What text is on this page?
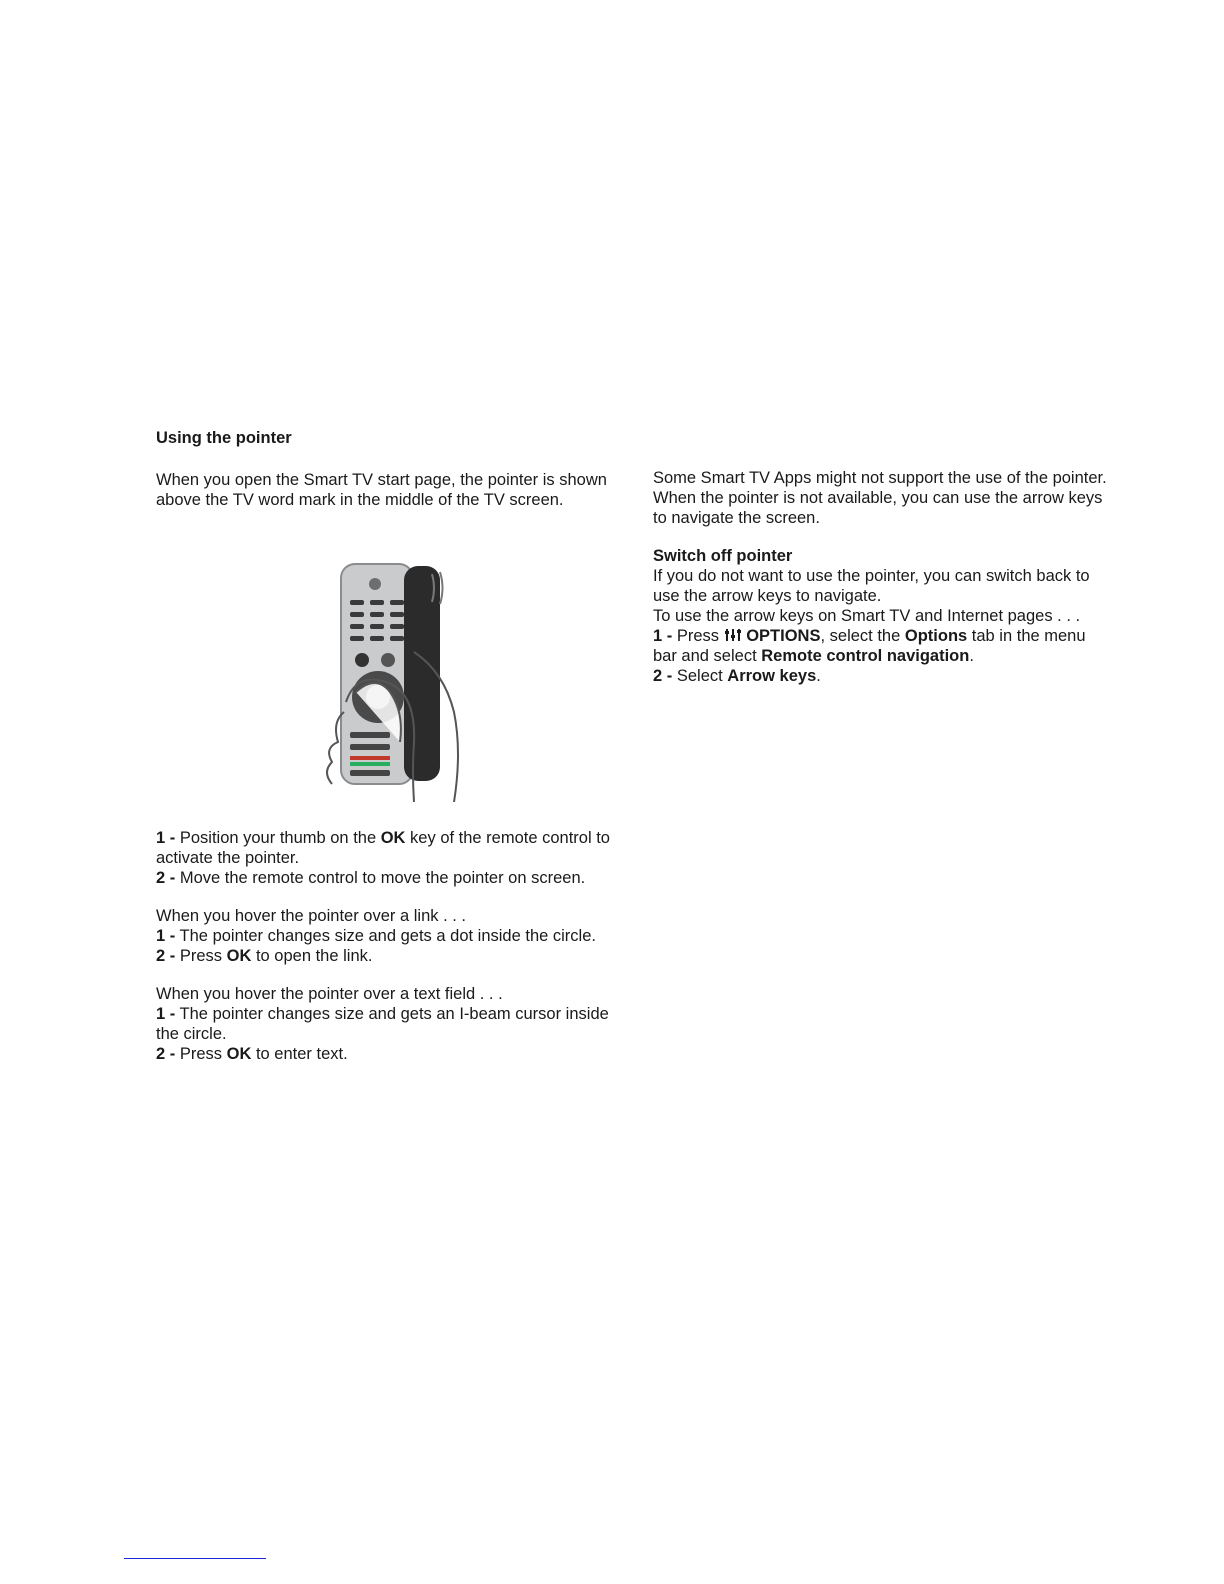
Using the pointer

When you open the Smart TV start page, the pointer is shown above the TV word mark in the middle of the TV screen.

1 - Position your thumb on the OK key of the remote control to activate the pointer.

2 - Move the remote control to move the pointer on screen.

When you hover the pointer over a link . . .

1 - The pointer changes size and gets a dot inside the circle.

2 - Press OK to open the link.

When you hover the pointer over a text field . . .

1 - The pointer changes size and gets an I-beam cursor inside the circle.

2 - Press OK to enter text.

Some Smart TV Apps might not support the use of the pointer. When the pointer is not available, you can use the arrow keys to navigate the screen.

Switch off pointer

If you do not want to use the pointer, you can switch back to use the arrow keys to navigate.

To use the arrow keys on Smart TV and Internet pages . . .

1 - Press  OPTIONS, select the Options tab in the menu bar and select Remote control navigation.

2 - Select Arrow keys.
